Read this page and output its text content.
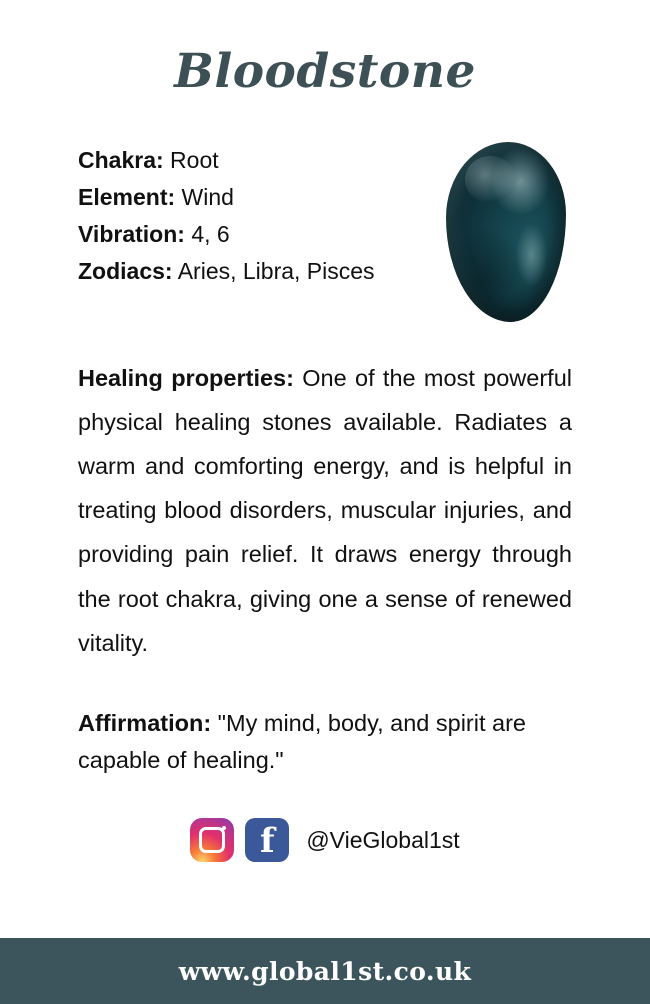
Bloodstone
Chakra: Root
Element: Wind
Vibration: 4, 6
Zodiacs: Aries, Libra, Pisces

Healing properties: One of the most powerful physical healing stones available. Radiates a warm and comforting energy, and is helpful in treating blood disorders, muscular injuries, and providing pain relief. It draws energy through the root chakra, giving one a sense of renewed vitality.

Affirmation: "My mind, body, and spirit are capable of healing."

f	@VieGlobal1st
www.global1st.co.uk
